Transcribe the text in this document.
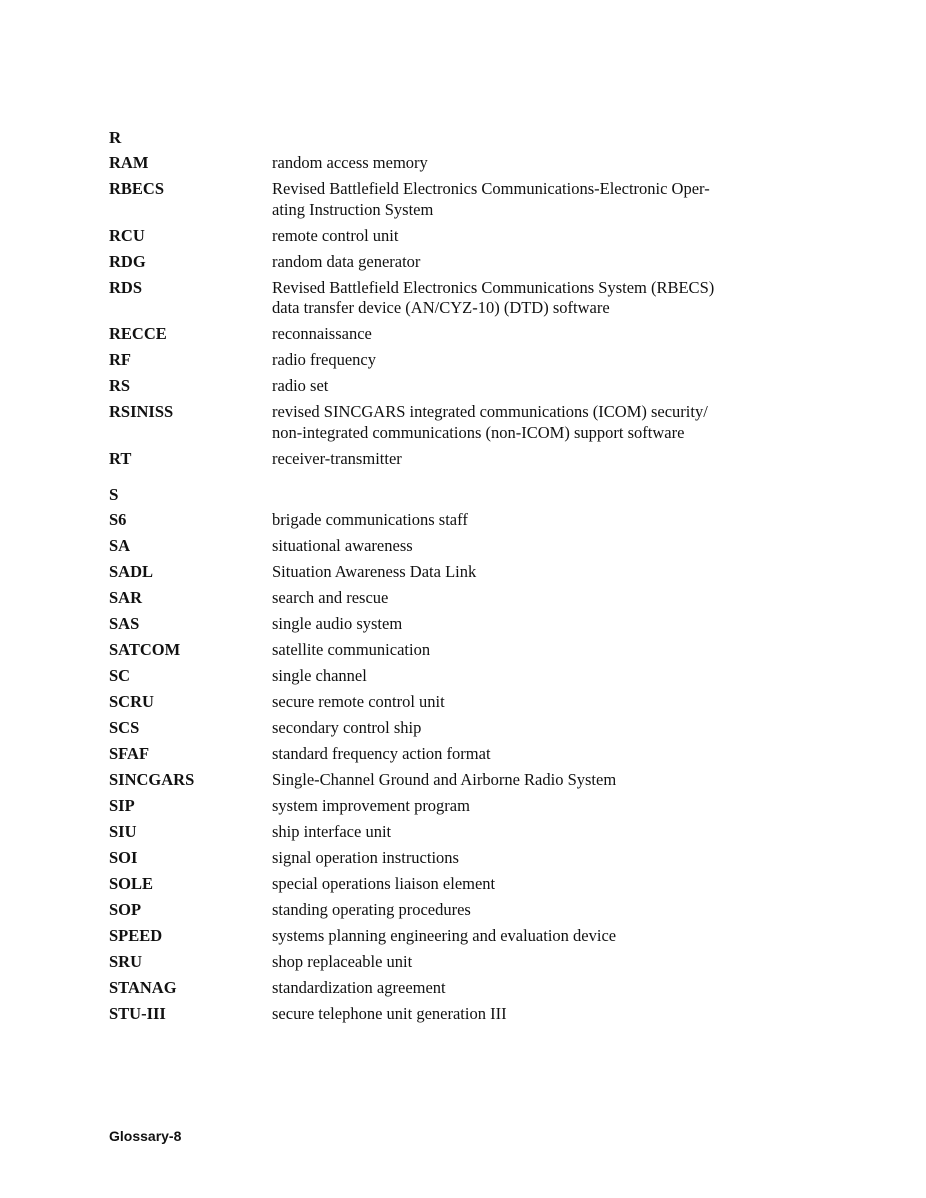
R
RAM	random access memory
RBECS	Revised Battlefield Electronics Communications-Electronic Oper-
ating Instruction System
RCU	remote control unit
RDG	random data generator
RDS	Revised Battlefield Electronics Communications System (RBECS)
data transfer device (AN/CYZ-10) (DTD) software
RECCE	reconnaissance
RF	radio frequency
RS	radio set
RSINISS	revised SINCGARS integrated communications (ICOM) security/
non-integrated communications (non-ICOM) support software
RT	receiver-transmitter
S
S6	brigade communications staff
SA	situational awareness
SADL	Situation Awareness Data Link
SAR	search and rescue
SAS	single audio system
SATCOM	satellite communication
SC	single channel
SCRU	secure remote control unit
SCS	secondary control ship
SFAF	standard frequency action format
SINCGARS	Single-Channel Ground and Airborne Radio System
SIP	system improvement program
SIU	ship interface unit
SOI	signal operation instructions
SOLE	special operations liaison element
SOP	standing operating procedures
SPEED	systems planning engineering and evaluation device
SRU	shop replaceable unit
STANAG	standardization agreement
STU-III	secure telephone unit generation III
Glossary-8
